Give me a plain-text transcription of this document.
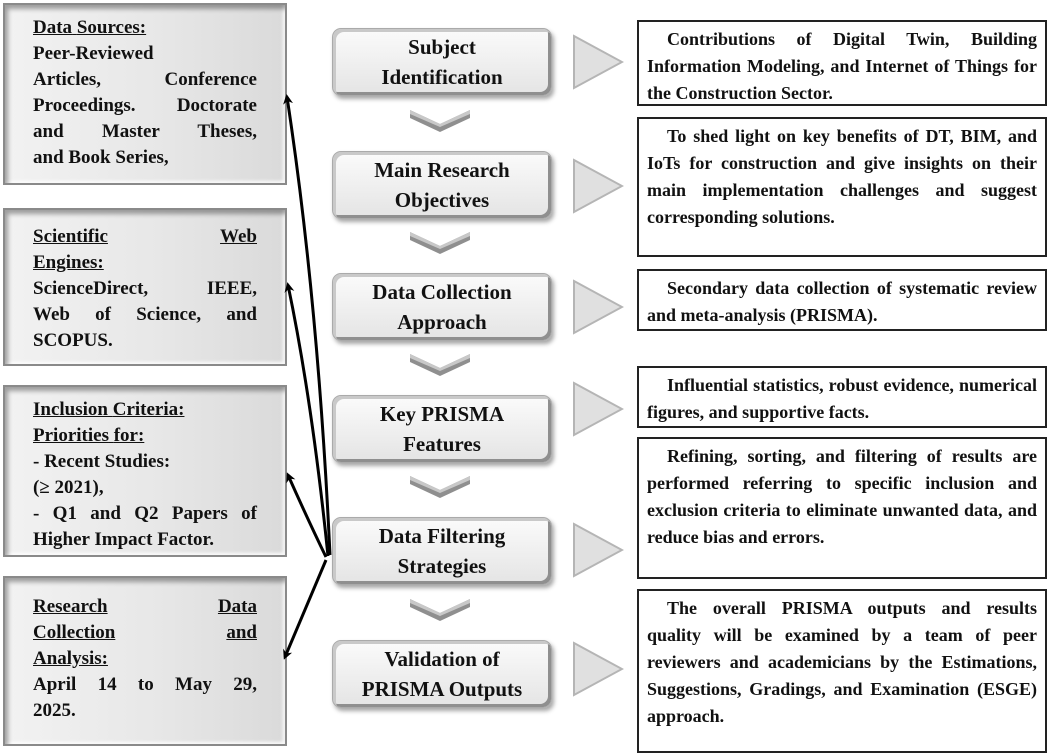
Data Sources:
Peer-Reviewed
Articles, Conference
Proceedings. Doctorate
and Master Theses,
and Book Series,
Scientific	Web
Engines:
ScienceDirect, IEEE,
Web of Science, and
SCOPUS.
Inclusion Criteria:
Priorities for:
- Recent Studies:
(≥ 2021),
- Q1 and Q2 Papers of
Higher Impact Factor.
Research	Data
Collection	and
Analysis:
April 14 to May 29,
2025.
Subject
Identification
Main Research
Objectives
Data Collection
Approach
Key PRISMA
Features
Data Filtering
Strategies
Validation of
PRISMA Outputs
Contributions of Digital Twin, Building Information Modeling, and Internet of Things for the Construction Sector.
To shed light on key benefits of DT, BIM, and IoTs for construction and give insights on their main implementation challenges and suggest corresponding solutions.
Secondary data collection of systematic review and meta-analysis (PRISMA).
Influential statistics, robust evidence, numerical figures, and supportive facts.
Refining, sorting, and filtering of results are performed referring to specific inclusion and exclusion criteria to eliminate unwanted data, and reduce bias and errors.
The overall PRISMA outputs and results quality will be examined by a team of peer reviewers and academicians by the Estimations, Suggestions, Gradings, and Examination (ESGE) approach.
